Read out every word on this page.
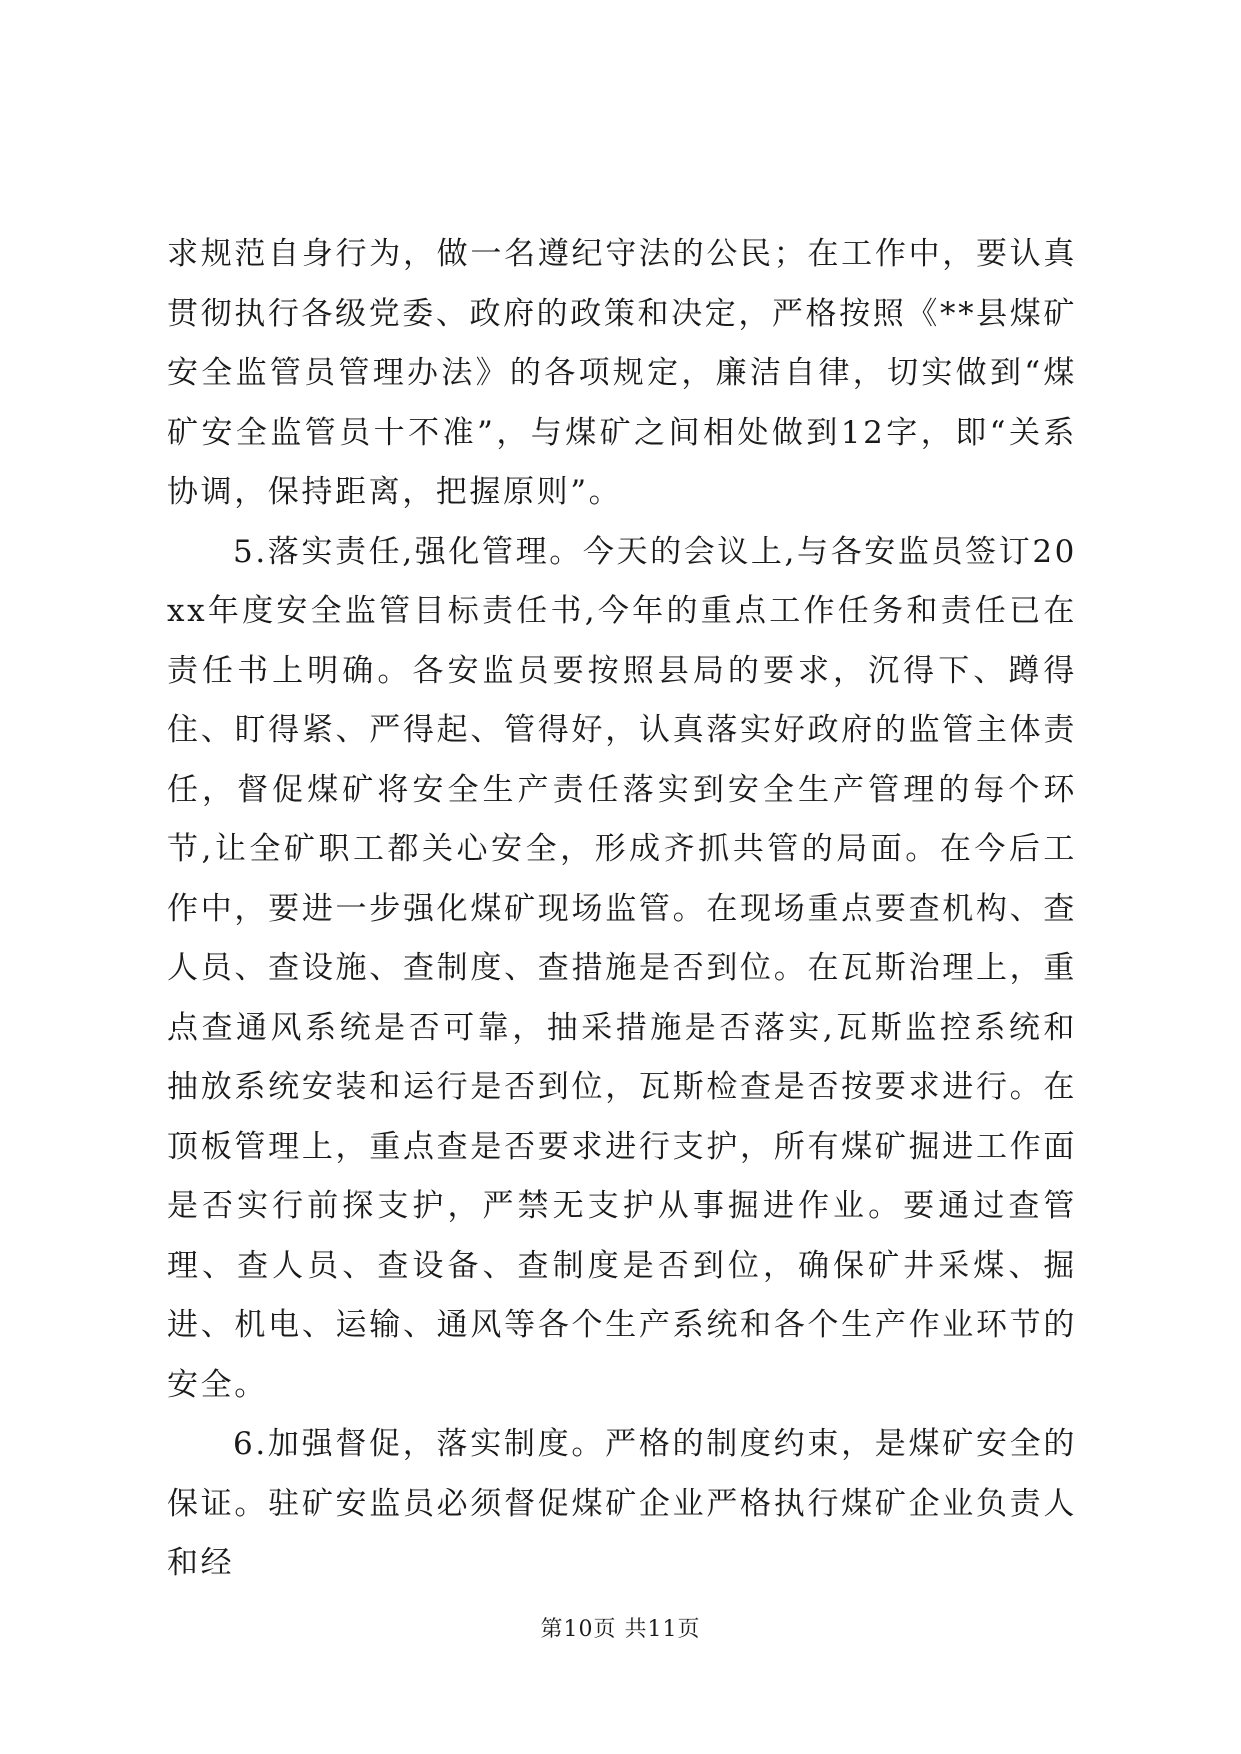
求规范自身行为，做一名遵纪守法的公民；在工作中，要认真贯彻执行各级党委、政府的政策和决定，严格按照《**县煤矿安全监管员管理办法》的各项规定，廉洁自律，切实做到“煤矿安全监管员十不准”，与煤矿之间相处做到12字，即“关系协调，保持距离，把握原则”。

5.落实责任,强化管理。今天的会议上,与各安监员签订20xx年度安全监管目标责任书,今年的重点工作任务和责任已在责任书上明确。各安监员要按照县局的要求，沉得下、蹲得住、盯得紧、严得起、管得好，认真落实好政府的监管主体责任，督促煤矿将安全生产责任落实到安全生产管理的每个环节,让全矿职工都关心安全，形成齐抓共管的局面。在今后工作中，要进一步强化煤矿现场监管。在现场重点要查机构、查人员、查设施、查制度、查措施是否到位。在瓦斯治理上，重点查通风系统是否可靠，抽采措施是否落实,瓦斯监控系统和抽放系统安装和运行是否到位，瓦斯检查是否按要求进行。在顶板管理上，重点查是否要求进行支护，所有煤矿掘进工作面是否实行前探支护，严禁无支护从事掘进作业。要通过查管理、查人员、查设备、查制度是否到位，确保矿井采煤、掘进、机电、运输、通风等各个生产系统和各个生产作业环节的安全。

6.加强督促，落实制度。严格的制度约束，是煤矿安全的保证。驻矿安监员必须督促煤矿企业严格执行煤矿企业负责人和经

第10页 共11页
